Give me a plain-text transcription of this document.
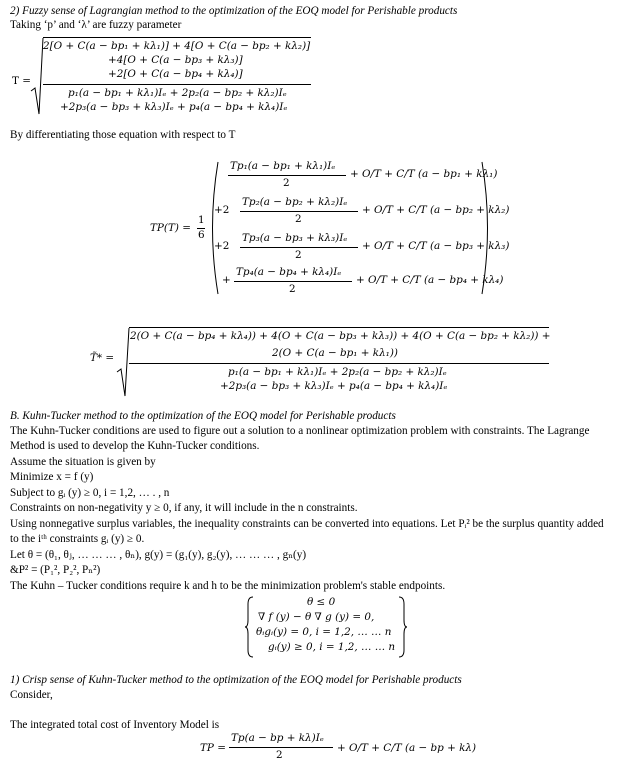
2) Fuzzy sense of Lagrangian method to the optimization of the EOQ model for Perishable products
Taking ‘p’ and ‘λ’ are fuzzy parameter
T =
2[O + C(a − bp₁ + kλ₁)] + 4[O + C(a − bp₂ + kλ₂)]
+4[O + C(a − bp₃ + kλ₃)]
+2[O + C(a − bp₄ + kλ₄)]
p₁(a − bp₁ + kλ₁)Iₑ + 2p₂(a − bp₂ + kλ₂)Iₑ
+2p₃(a − bp₃ + kλ₃)Iₑ + p₄(a − bp₄ + kλ₄)Iₑ
By differentiating those equation with respect to T
TP(T) =
1
6
Tp₁(a − bp₁ + kλ₁)Iₑ
2
+ O/T + C/T (a − bp₁ + kλ₁)
+2
Tp₂(a − bp₂ + kλ₂)Iₑ
2
+ O/T + C/T (a − bp₂ + kλ₂)
+2
Tp₃(a − bp₃ + kλ₃)Iₑ
2
+ O/T + C/T (a − bp₃ + kλ₃)
+
Tp₄(a − bp₄ + kλ₄)Iₑ
2
+ O/T + C/T (a − bp₄ + kλ₄)
T̃* =
2(O + C(a − bp₄ + kλ₄)) + 4(O + C(a − bp₃ + kλ₃)) + 4(O + C(a − bp₂ + kλ₂)) +
2(O + C(a − bp₁ + kλ₁))
p₁(a − bp₁ + kλ₁)Iₑ + 2p₂(a − bp₂ + kλ₂)Iₑ
+2p₃(a − bp₃ + kλ₃)Iₑ + p₄(a − bp₄ + kλ₄)Iₑ
B. Kuhn-Tucker method to the optimization of the EOQ model for Perishable products
The Kuhn-Tucker conditions are used to figure out a solution to a nonlinear optimization problem with constraints. The Lagrange
Method is used to develop the Kuhn-Tucker conditions.
Assume the situation is given by
Minimize x = f (y)
Subject to gᵢ (y) ≥ 0, i = 1,2, … . , n
Constraints on non-negativity y ≥ 0, if any, it will include in the n constraints.
Using nonnegative surplus variables, the inequality constraints can be converted into equations. Let Pᵢ² be the surplus quantity added
to the iᵗʰ constraints gᵢ (y) ≥ 0.
Let θ = (θ₁, θⱼ, … … … , θₙ), g(y) = (g₁(y), g₂(y), … … … , gₙ(y)
&P² = (P₁², P₂², Pₙ²)
The Kuhn – Tucker conditions require k and h to be the minimization problem's stable endpoints.
θ ≤ 0
∇ f (y) − θ ∇ g (y) = 0,
θᵢgᵢ(y) = 0, i = 1,2, … … n
gᵢ(y) ≥ 0, i = 1,2, … … n
1) Crisp sense of Kuhn-Tucker method to the optimization of the EOQ model for Perishable products
Consider,
The integrated total cost of Inventory Model is
TP =
Tp(a − bp + kλ)Iₑ
2
+ O/T + C/T (a − bp + kλ)
